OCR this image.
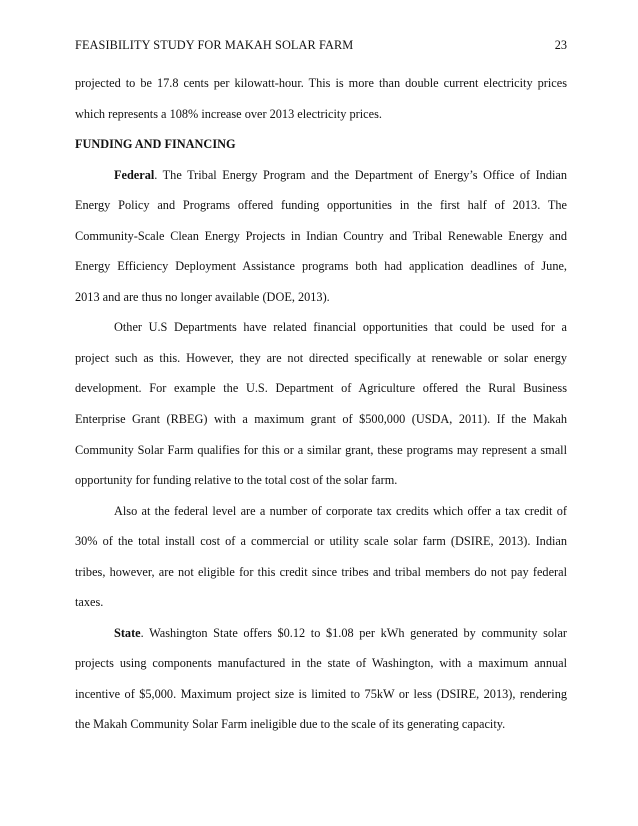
FEASIBILITY STUDY FOR MAKAH SOLAR FARM	23
projected to be 17.8 cents per kilowatt-hour. This is more than double current electricity prices
which represents a 108% increase over 2013 electricity prices.
FUNDING AND FINANCING
Federal. The Tribal Energy Program and the Department of Energy’s Office of Indian
Energy Policy and Programs offered funding opportunities in the first half of 2013. The
Community-Scale Clean Energy Projects in Indian Country and Tribal Renewable Energy and
Energy Efficiency Deployment Assistance programs both had application deadlines of June,
2013 and are thus no longer available (DOE, 2013).
Other U.S Departments have related financial opportunities that could be used for a
project such as this. However, they are not directed specifically at renewable or solar energy
development. For example the U.S. Department of Agriculture offered the Rural Business
Enterprise Grant (RBEG) with a maximum grant of $500,000 (USDA, 2011). If the Makah
Community Solar Farm qualifies for this or a similar grant, these programs may represent a small
opportunity for funding relative to the total cost of the solar farm.
Also at the federal level are a number of corporate tax credits which offer a tax credit of
30% of the total install cost of a commercial or utility scale solar farm (DSIRE, 2013). Indian
tribes, however, are not eligible for this credit since tribes and tribal members do not pay federal
taxes.
State. Washington State offers $0.12 to $1.08 per kWh generated by community solar
projects using components manufactured in the state of Washington, with a maximum annual
incentive of $5,000. Maximum project size is limited to 75kW or less (DSIRE, 2013), rendering
the Makah Community Solar Farm ineligible due to the scale of its generating capacity.
